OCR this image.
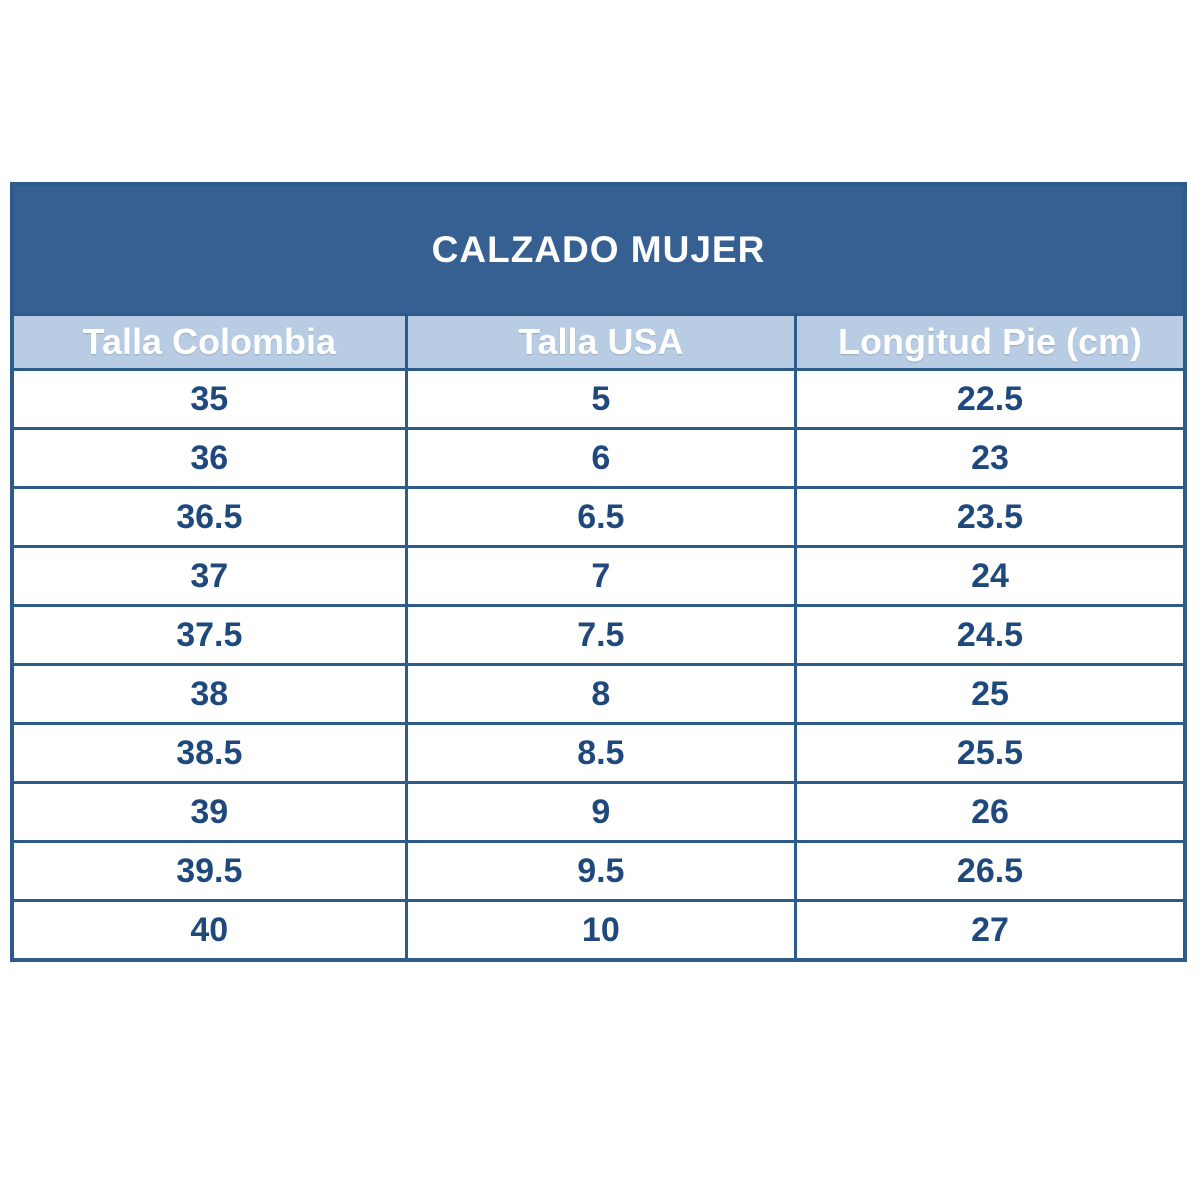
CALZADO MUJER		
Talla Colombia	Talla USA	Longitud Pie (cm)
35	5	22.5
36	6	23
36.5	6.5	23.5
37	7	24
37.5	7.5	24.5
38	8	25
38.5	8.5	25.5
39	9	26
39.5	9.5	26.5
40	10	27
